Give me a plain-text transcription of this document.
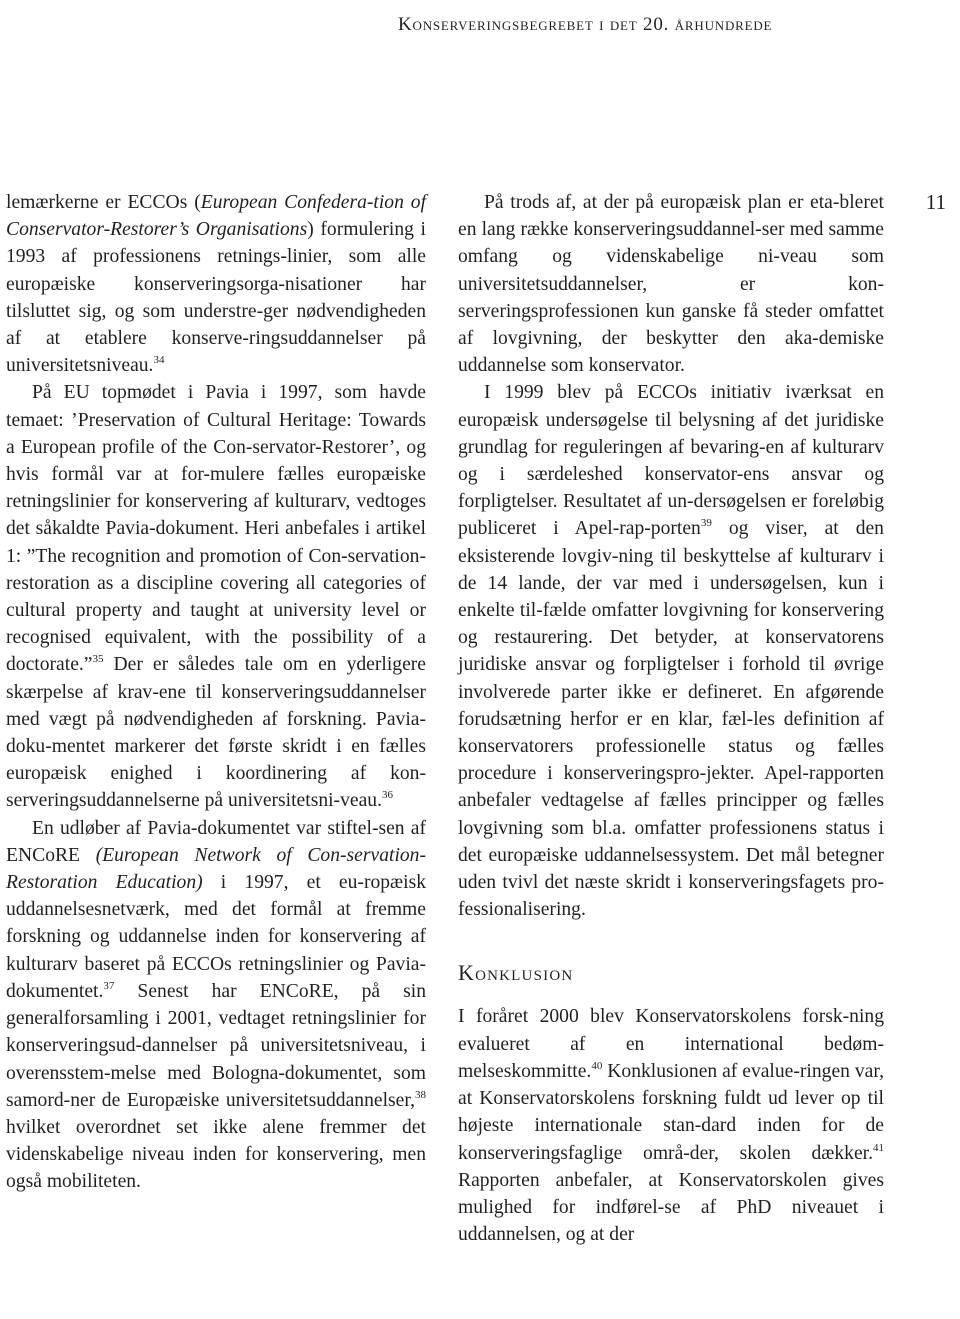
Konserveringsbegrebet i det 20. århundrede
11

lemærkerne er ECCOs (European Confedera-tion of Conservator-Restorer’s Organisations) formulering i 1993 af professionens retnings-linier, som alle europæiske konserveringsorga-nisationer har tilsluttet sig, og som understre-ger nødvendigheden af at etablere konserve-ringsuddannelser på universitetsniveau.$^{34}$

På EU topmødet i Pavia i 1997, som havde temaet: ’Preservation of Cultural Heritage: Towards a European profile of the Con-servator-Restorer’, og hvis formål var at for-mulere fælles europæiske retningslinier for konservering af kulturarv, vedtoges det såkaldte Pavia-dokument. Heri anbefales i artikel 1: ”The recognition and promotion of Con-servation-restoration as a discipline covering all categories of cultural property and taught at university level or recognised equivalent, with the possibility of a doctorate.”$^{35}$ Der er således tale om en yderligere skærpelse af krav-ene til konserveringsuddannelser med vægt på nødvendigheden af forskning. Pavia-doku-mentet markerer det første skridt i en fælles europæisk enighed i koordinering af kon-serveringsuddannelserne på universitetsni-veau.$^{36}$

En udløber af Pavia-dokumentet var stiftel-sen af ENCoRE (European Network of Con-servation-Restoration Education) i 1997, et eu-ropæisk uddannelsesnetværk, med det formål at fremme forskning og uddannelse inden for konservering af kulturarv baseret på ECCOs retningslinier og Pavia-dokumentet.$^{37}$ Senest har ENCoRE, på sin generalforsamling i 2001, vedtaget retningslinier for konserveringsud-dannelser på universitetsniveau, i overensstem-melse med Bologna-dokumentet, som samord-ner de Europæiske universitetsuddannelser,$^{38}$ hvilket overordnet set ikke alene fremmer det videnskabelige niveau inden for konservering, men også mobiliteten.

På trods af, at der på europæisk plan er eta-bleret en lang række konserveringsuddannel-ser med samme omfang og videnskabelige ni-veau som universitetsuddannelser, er kon-serveringsprofessionen kun ganske få steder omfattet af lovgivning, der beskytter den aka-demiske uddannelse som konservator.

I 1999 blev på ECCOs initiativ iværksat en europæisk undersøgelse til belysning af det juridiske grundlag for reguleringen af bevaring-en af kulturarv og i særdeleshed konservator-ens ansvar og forpligtelser. Resultatet af un-dersøgelsen er foreløbig publiceret i Apel-rap-porten$^{39}$ og viser, at den eksisterende lovgiv-ning til beskyttelse af kulturarv i de 14 lande, der var med i undersøgelsen, kun i enkelte til-fælde omfatter lovgivning for konservering og restaurering. Det betyder, at konservatorens juridiske ansvar og forpligtelser i forhold til øvrige involverede parter ikke er defineret. En afgørende forudsætning herfor er en klar, fæl-les definition af konservatorers professionelle status og fælles procedure i konserveringspro-jekter. Apel-rapporten anbefaler vedtagelse af fælles principper og fælles lovgivning som bl.a. omfatter professionens status i det europæiske uddannelsessystem. Det mål betegner uden tvivl det næste skridt i konserveringsfagets pro-fessionalisering.

Konklusion

I foråret 2000 blev Konservatorskolens forsk-ning evalueret af en international bedøm-melseskommitte.$^{40}$ Konklusionen af evalue-ringen var, at Konservatorskolens forskning fuldt ud lever op til højeste internationale stan-dard inden for de konserveringsfaglige områ-der, skolen dækker.$^{41}$ Rapporten anbefaler, at Konservatorskolen gives mulighed for indførel-se af PhD niveauet i uddannelsen, og at der
